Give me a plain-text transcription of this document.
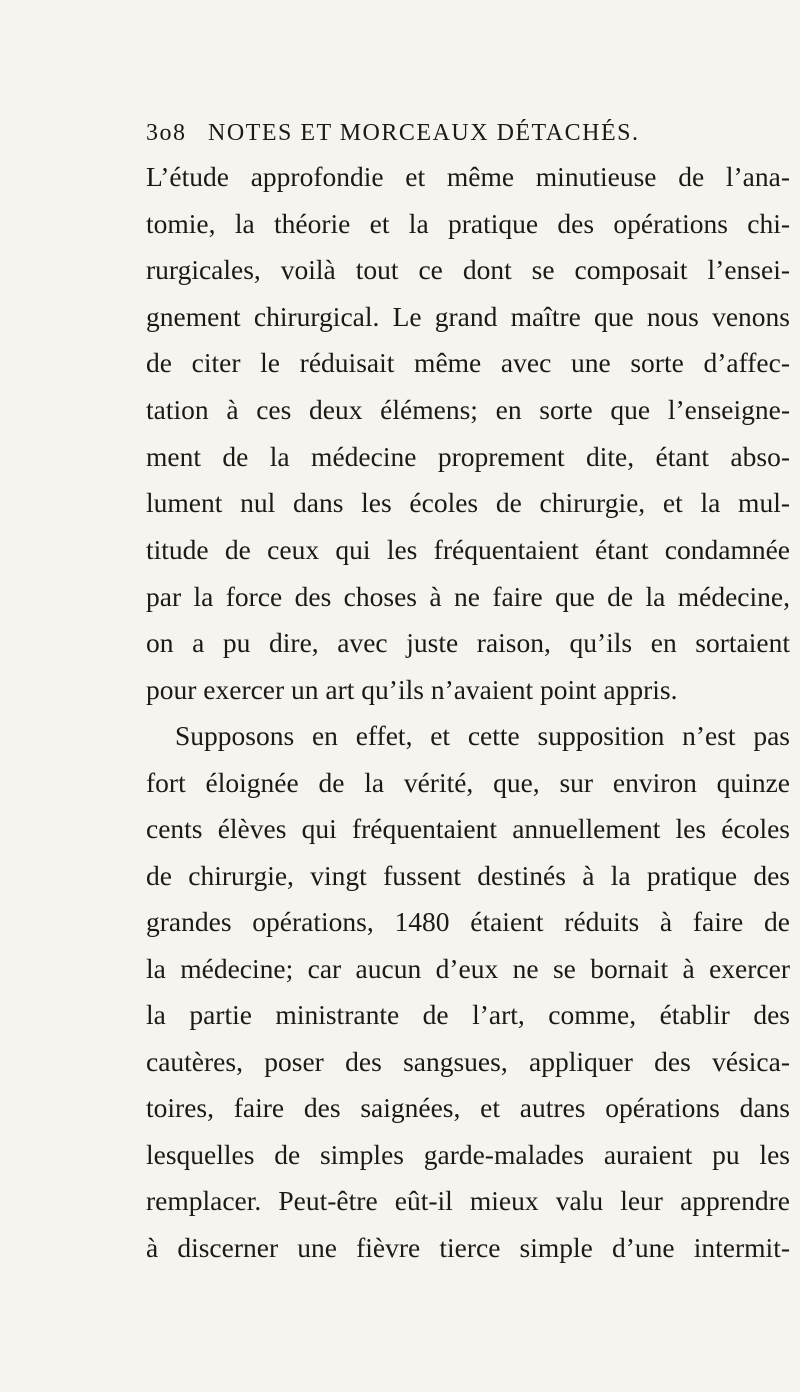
3o8 NOTES ET MORCEAUX DÉTACHÉS.
L’étude approfondie et même minutieuse de l’ana-
tomie, la théorie et la pratique des opérations chi-
rurgicales, voilà tout ce dont se composait l’ensei-
gnement chirurgical. Le grand maître que nous venons
de citer le réduisait même avec une sorte d’affec-
tation à ces deux élémens; en sorte que l’enseigne-
ment de la médecine proprement dite, étant abso-
lument nul dans les écoles de chirurgie, et la mul-
titude de ceux qui les fréquentaient étant condamnée
par la force des choses à ne faire que de la médecine,
on a pu dire, avec juste raison, qu’ils en sortaient
pour exercer un art qu’ils n’avaient point appris.
Supposons en effet, et cette supposition n’est pas
fort éloignée de la vérité, que, sur environ quinze
cents élèves qui fréquentaient annuellement les écoles
de chirurgie, vingt fussent destinés à la pratique des
grandes opérations, 1480 étaient réduits à faire de
la médecine; car aucun d’eux ne se bornait à exercer
la partie ministrante de l’art, comme, établir des
cautères, poser des sangsues, appliquer des vésica-
toires, faire des saignées, et autres opérations dans
lesquelles de simples garde-malades auraient pu les
remplacer. Peut-être eût-il mieux valu leur apprendre
à discerner une fièvre tierce simple d’une intermit-
